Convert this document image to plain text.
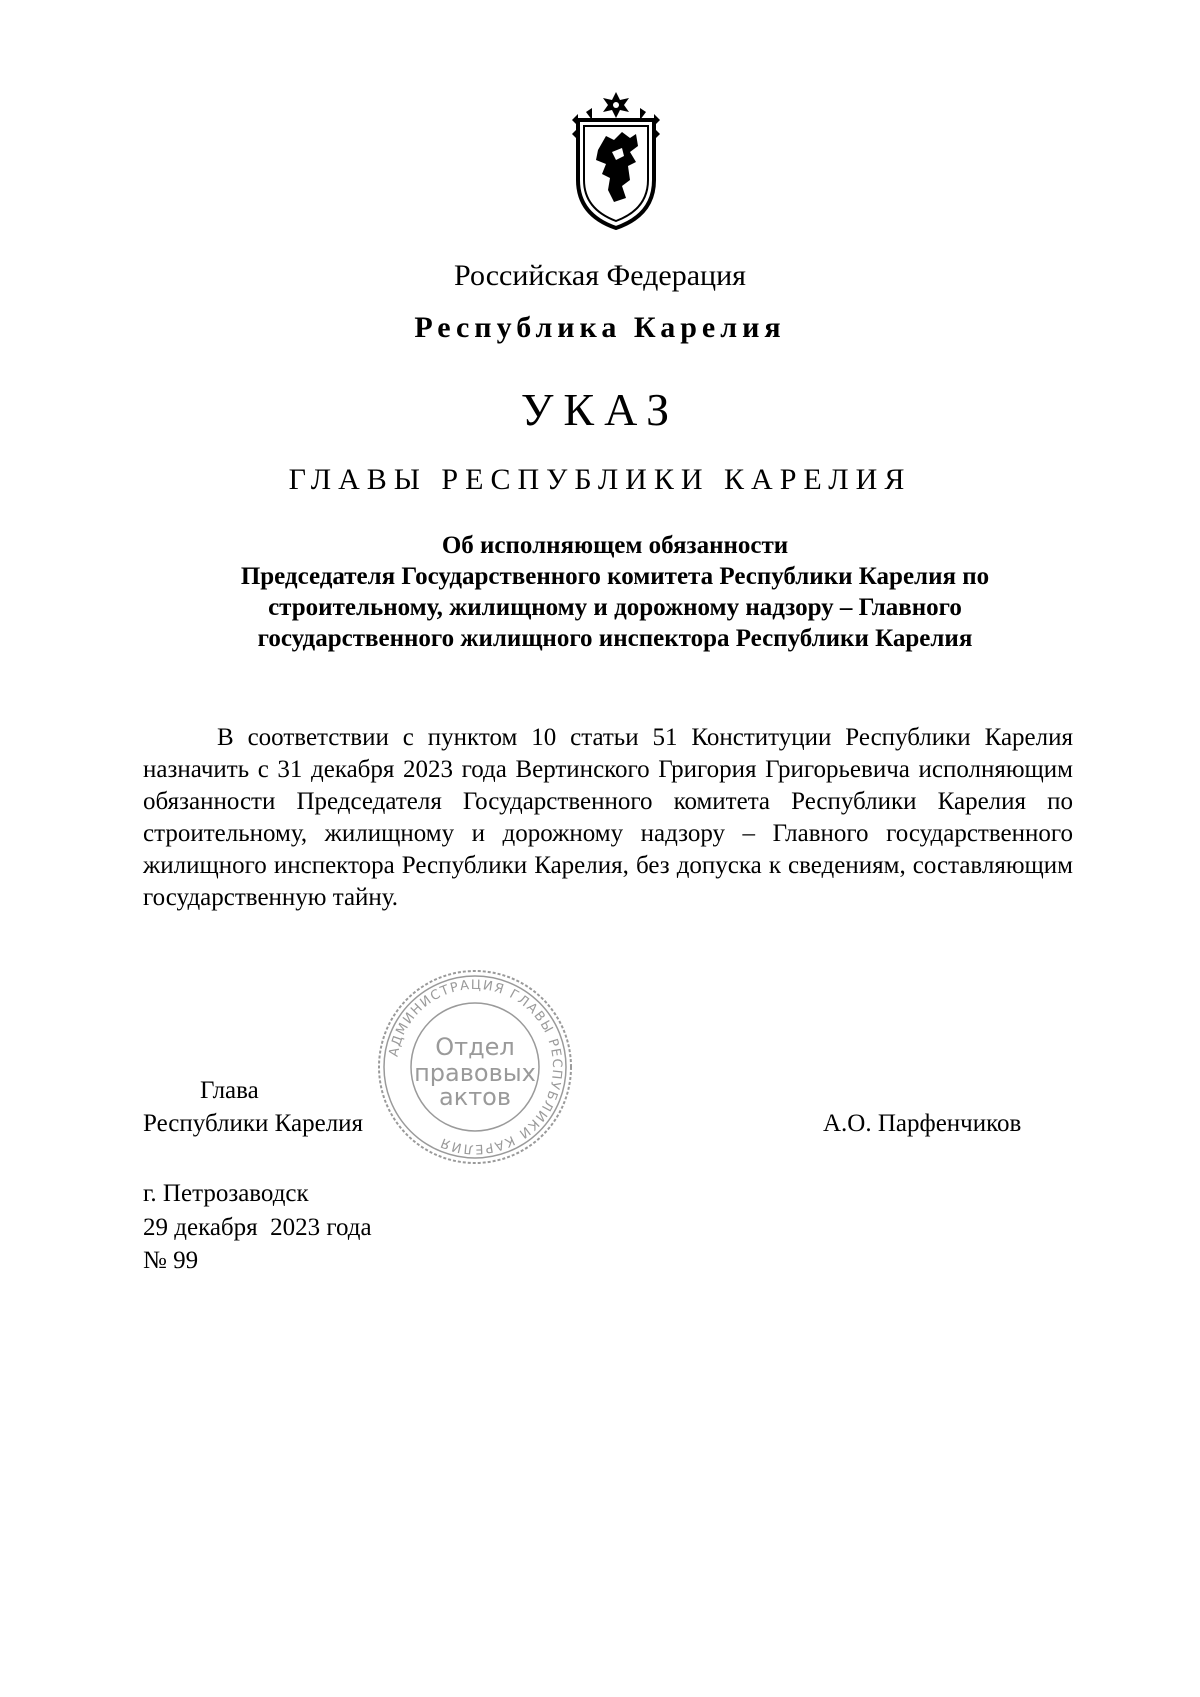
Российская Федерация
Республика Карелия
УКАЗ
ГЛАВЫ РЕСПУБЛИКИ КАРЕЛИЯ
Об исполняющем обязанности
Председателя Государственного комитета Республики Карелия по
строительному, жилищному и дорожному надзору – Главного
государственного жилищного инспектора Республики Карелия
В соответствии с пунктом 10 статьи 51 Конституции Республики Карелия назначить с 31 декабря 2023 года Вертинского Григория Григорьевича исполняющим обязанности Председателя Государственного комитета Республики Карелия по строительному, жилищному и дорожному надзору – Главного государственного жилищного инспектора Республики Карелия, без допуска к сведениям, составляющим государственную тайну.
АДМИНИСТРАЦИЯ ГЛАВЫ РЕСПУБЛИКИ КАРЕЛИЯ
Отдел
правовых
актов
Глава
Республики Карелия	А.О. Парфенчиков
г. Петрозаводск
29 декабря  2023 года
№ 99
